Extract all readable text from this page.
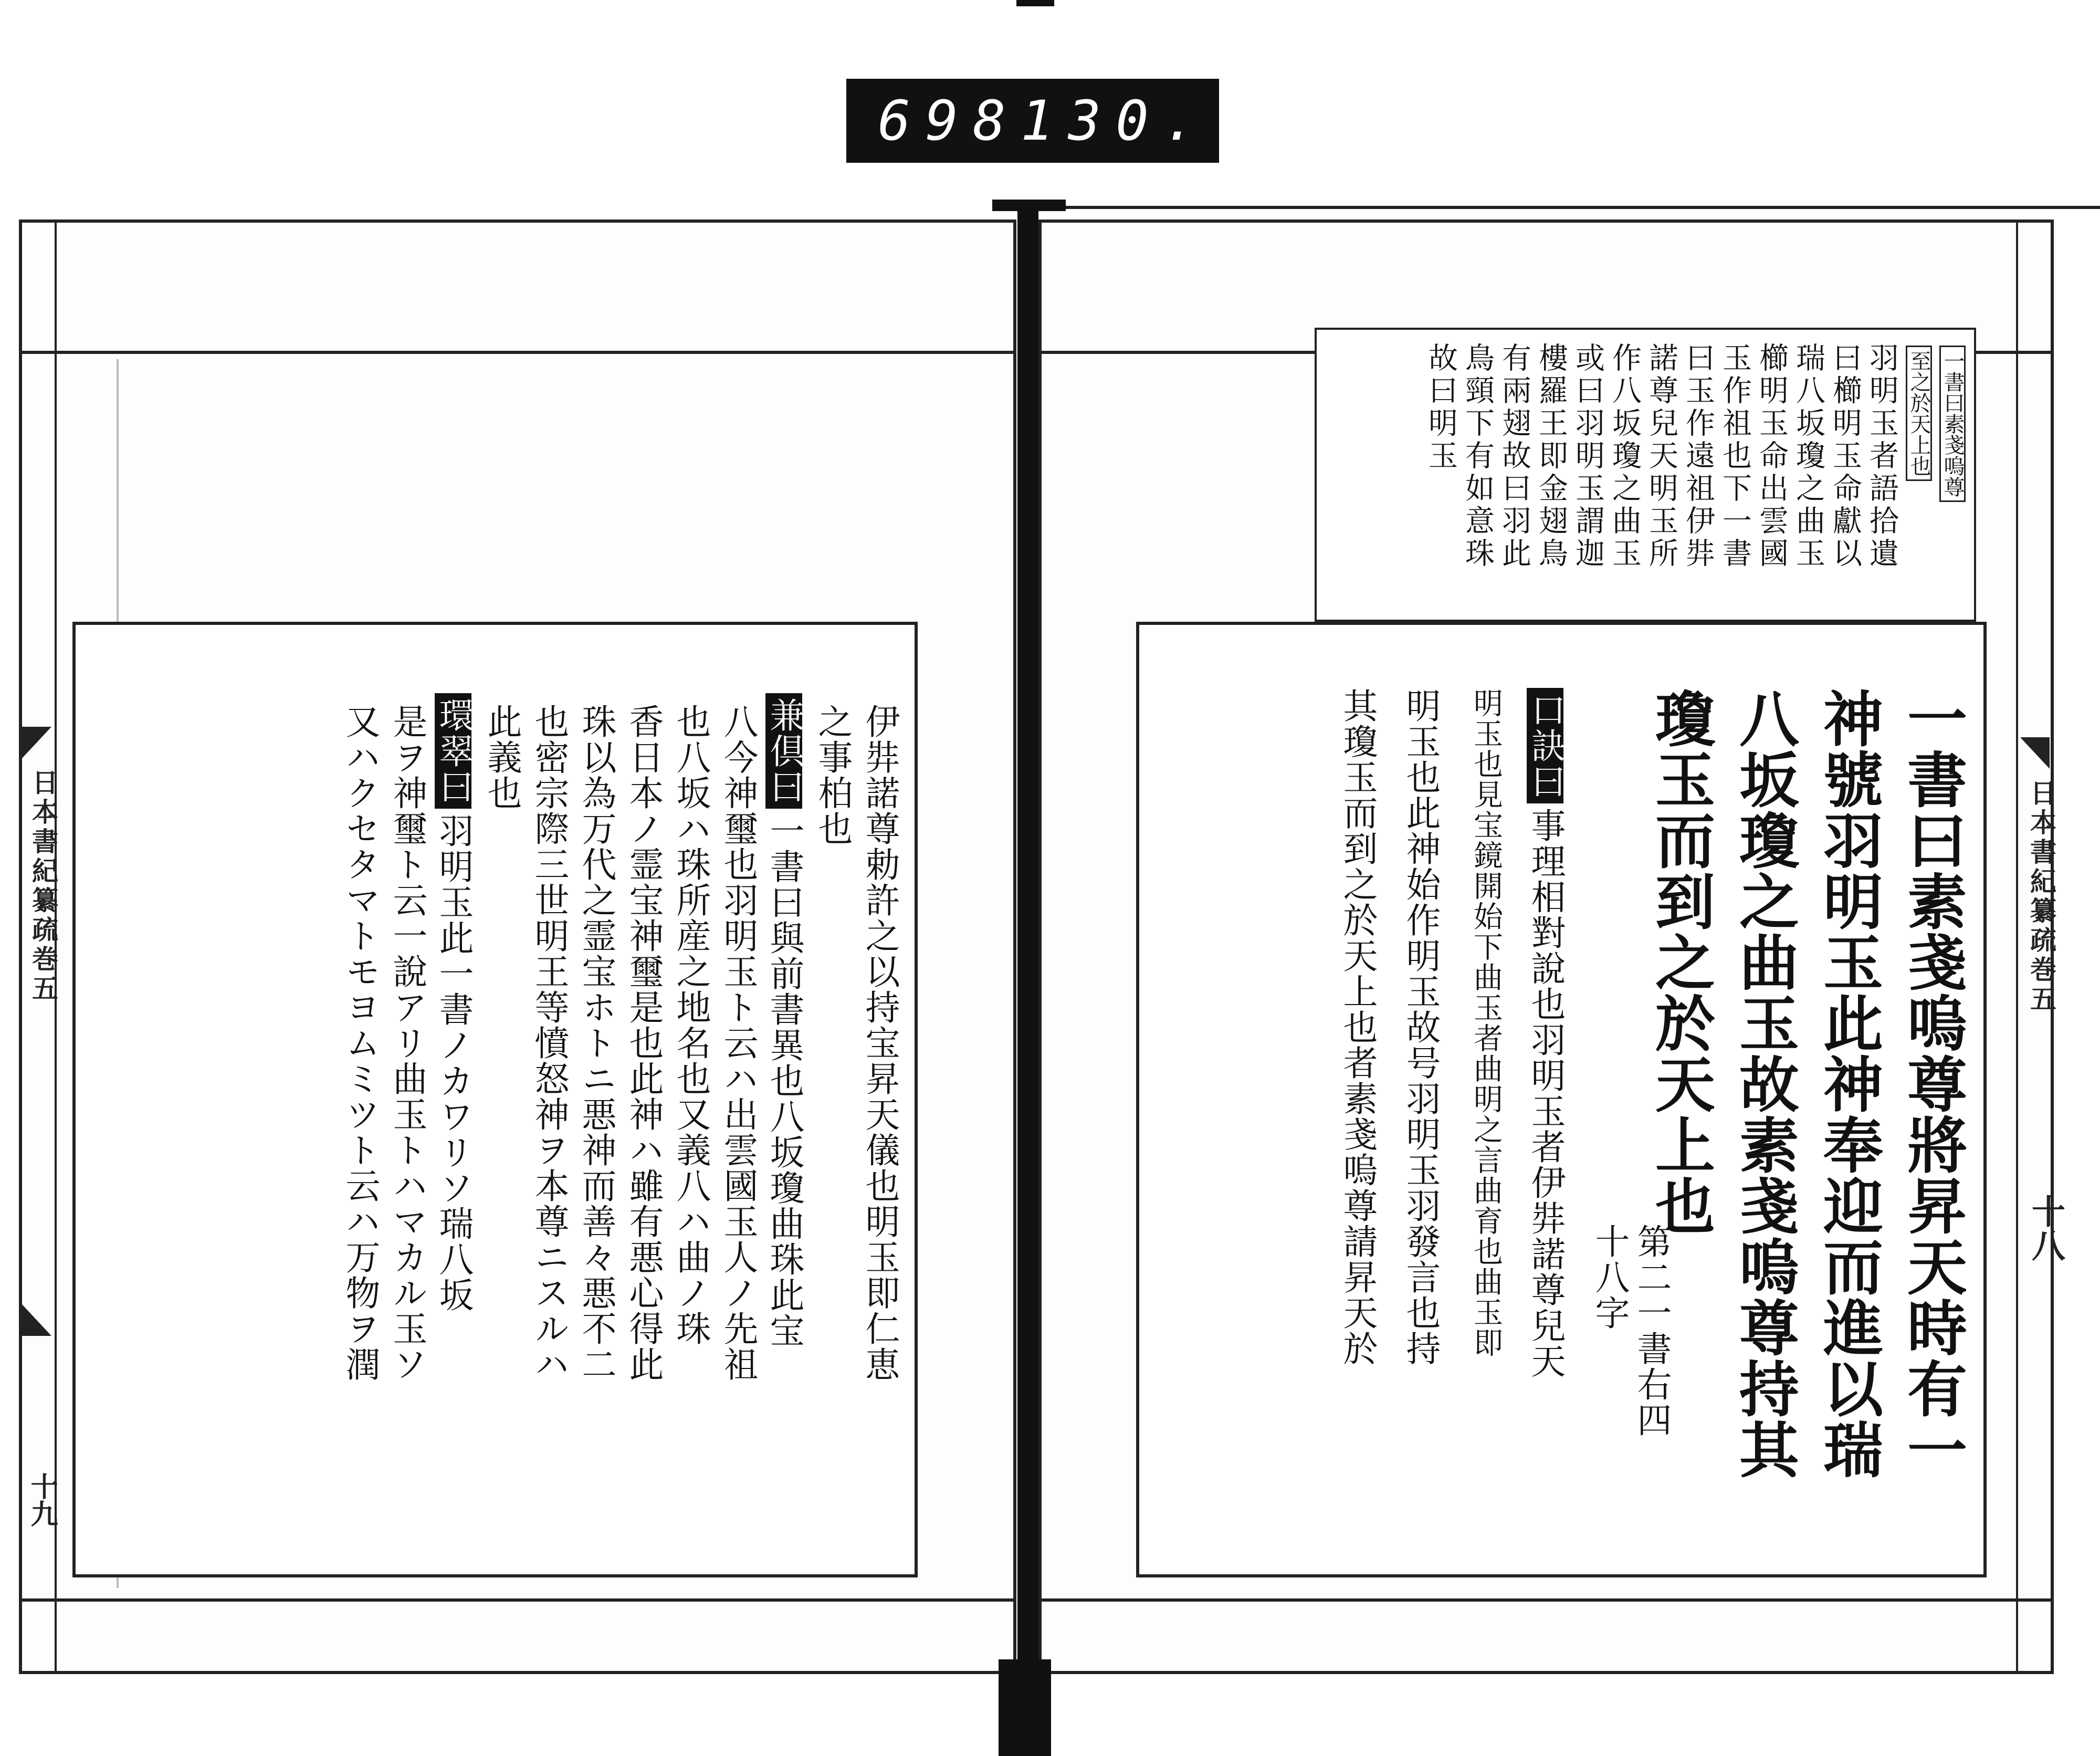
698 130.
日本書紀纂疏巻五
十九
伊弉諾尊勅許之以持宝昇天儀也明玉即仁恵
之事柏也
兼倶曰一書曰與前書異也八坂瓊曲珠此宝
八今神璽也羽明玉ト云ハ出雲國玉人ノ先祖
也八坂ハ珠所産之地名也又義八ハ曲ノ珠
香日本ノ霊宝神璽是也此神ハ雖有悪心得此
珠以為万代之霊宝ホトニ悪神而善々悪不二
也密宗際三世明王等憤怒神ヲ本尊ニスルハ
此義也
環翠曰羽明玉此一書ノカワリソ瑞八坂
是ヲ神璽ト云一說アリ曲玉トハマカル玉ソ
又ハクセタマトモヨムミツト云ハ万物ヲ潤	日本書紀纂疏巻五
十八
一書曰素戔嗚尊
至之於天上也
羽明玉者語拾遺
曰櫛明玉命獻以
瑞八坂瓊之曲玉
櫛明玉命出雲國
玉作祖也下一書
曰玉作遠祖伊弉
諾尊兒天明玉所
作八坂瓊之曲玉
或曰羽明玉謂迦
樓羅王即金翅鳥
有兩翅故曰羽此
鳥頸下有如意珠
故曰明玉
一書曰素戔嗚尊將昇天時有一
神號羽明玉此神奉迎而進以瑞
八坂瓊之曲玉故素戔嗚尊持其
瓊玉而到之於天上也
第二一書右四
十八字
口訣曰事理相對說也羽明玉者伊弉諾尊兒天
明玉也見宝鏡開始下曲玉者曲明之言曲育也曲玉即
明玉也此神始作明玉故号羽明玉羽發言也持
其瓊玉而到之於天上也者素戔嗚尊請昇天於
